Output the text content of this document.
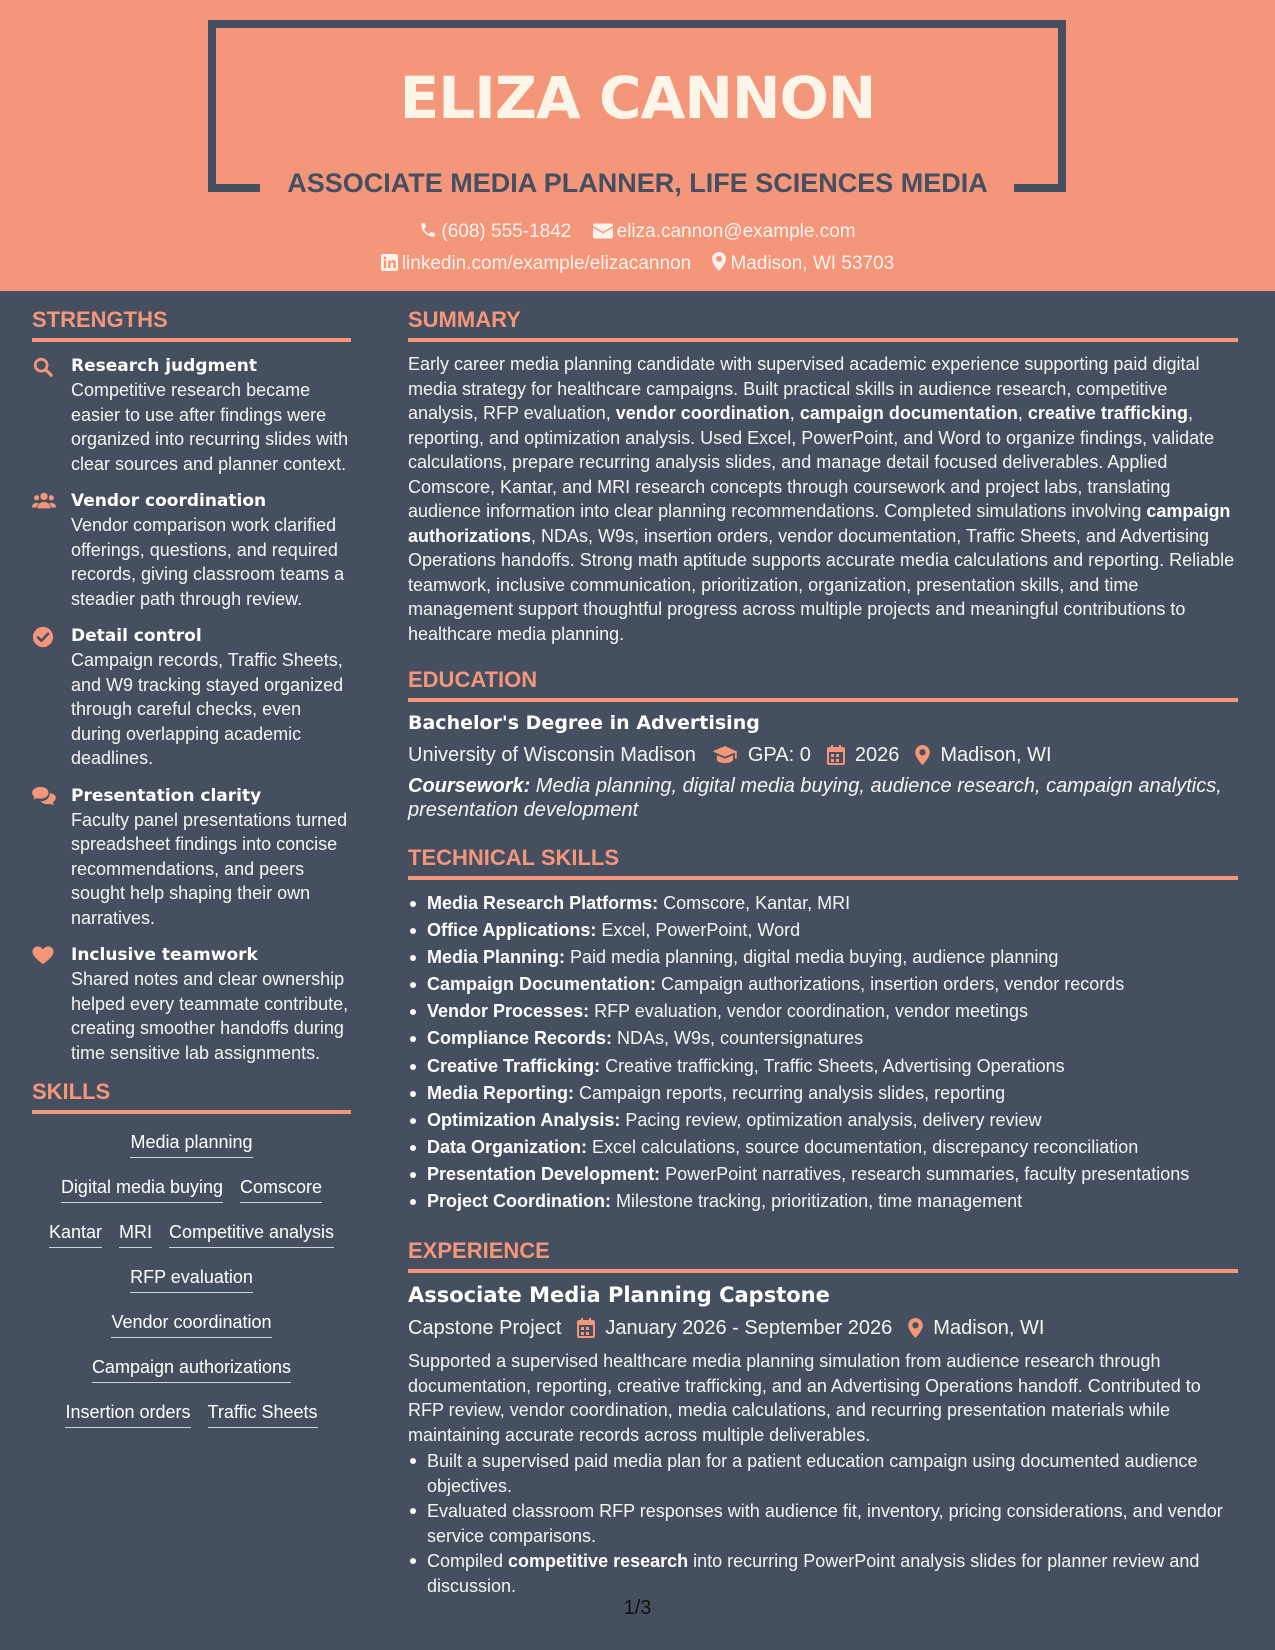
ELIZA CANNON
ASSOCIATE MEDIA PLANNER, LIFE SCIENCES MEDIA
(608) 555-1842 eliza.cannon@example.com
linkedin.com/example/elizacannon Madison, WI 53703
STRENGTHS
Research judgment
Competitive research became easier to use after findings were organized into recurring slides with clear sources and planner context.
Vendor coordination
Vendor comparison work clarified offerings, questions, and required records, giving classroom teams a steadier path through review.
Detail control
Campaign records, Traffic Sheets, and W9 tracking stayed organized through careful checks, even during overlapping academic deadlines.
Presentation clarity
Faculty panel presentations turned spreadsheet findings into concise recommendations, and peers sought help shaping their own narratives.
Inclusive teamwork
Shared notes and clear ownership helped every teammate contribute, creating smoother handoffs during time sensitive lab assignments.
SKILLS
Media planning
Digital media buying Comscore
Kantar MRI Competitive analysis
RFP evaluation
Vendor coordination
Campaign authorizations
Insertion orders Traffic Sheets
SUMMARY
Early career media planning candidate with supervised academic experience supporting paid digital media strategy for healthcare campaigns. Built practical skills in audience research, competitive analysis, RFP evaluation, vendor coordination, campaign documentation, creative trafficking, reporting, and optimization analysis. Used Excel, PowerPoint, and Word to organize findings, validate calculations, prepare recurring analysis slides, and manage detail focused deliverables. Applied Comscore, Kantar, and MRI research concepts through coursework and project labs, translating audience information into clear planning recommendations. Completed simulations involving campaign authorizations, NDAs, W9s, insertion orders, vendor documentation, Traffic Sheets, and Advertising Operations handoffs. Strong math aptitude supports accurate media calculations and reporting. Reliable teamwork, inclusive communication, prioritization, organization, presentation skills, and time management support thoughtful progress across multiple projects and meaningful contributions to healthcare media planning.
EDUCATION
Bachelor's Degree in Advertising
University of Wisconsin Madison	GPA: 0 2026 Madison, WI
Coursework: Media planning, digital media buying, audience research, campaign analytics, presentation development
TECHNICAL SKILLS
Media Research Platforms: Comscore, Kantar, MRI
Office Applications: Excel, PowerPoint, Word
Media Planning: Paid media planning, digital media buying, audience planning
Campaign Documentation: Campaign authorizations, insertion orders, vendor records
Vendor Processes: RFP evaluation, vendor coordination, vendor meetings
Compliance Records: NDAs, W9s, countersignatures
Creative Trafficking: Creative trafficking, Traffic Sheets, Advertising Operations
Media Reporting: Campaign reports, recurring analysis slides, reporting
Optimization Analysis: Pacing review, optimization analysis, delivery review
Data Organization: Excel calculations, source documentation, discrepancy reconciliation
Presentation Development: PowerPoint narratives, research summaries, faculty presentations
Project Coordination: Milestone tracking, prioritization, time management
EXPERIENCE
Associate Media Planning Capstone
Capstone Project January 2026 - September 2026 Madison, WI
Supported a supervised healthcare media planning simulation from audience research through documentation, reporting, creative trafficking, and an Advertising Operations handoff. Contributed to RFP review, vendor coordination, media calculations, and recurring presentation materials while maintaining accurate records across multiple deliverables.
Built a supervised paid media plan for a patient education campaign using documented audience objectives.
Evaluated classroom RFP responses with audience fit, inventory, pricing considerations, and vendor service comparisons.
Compiled competitive research into recurring PowerPoint analysis slides for planner review and discussion.
1/3
